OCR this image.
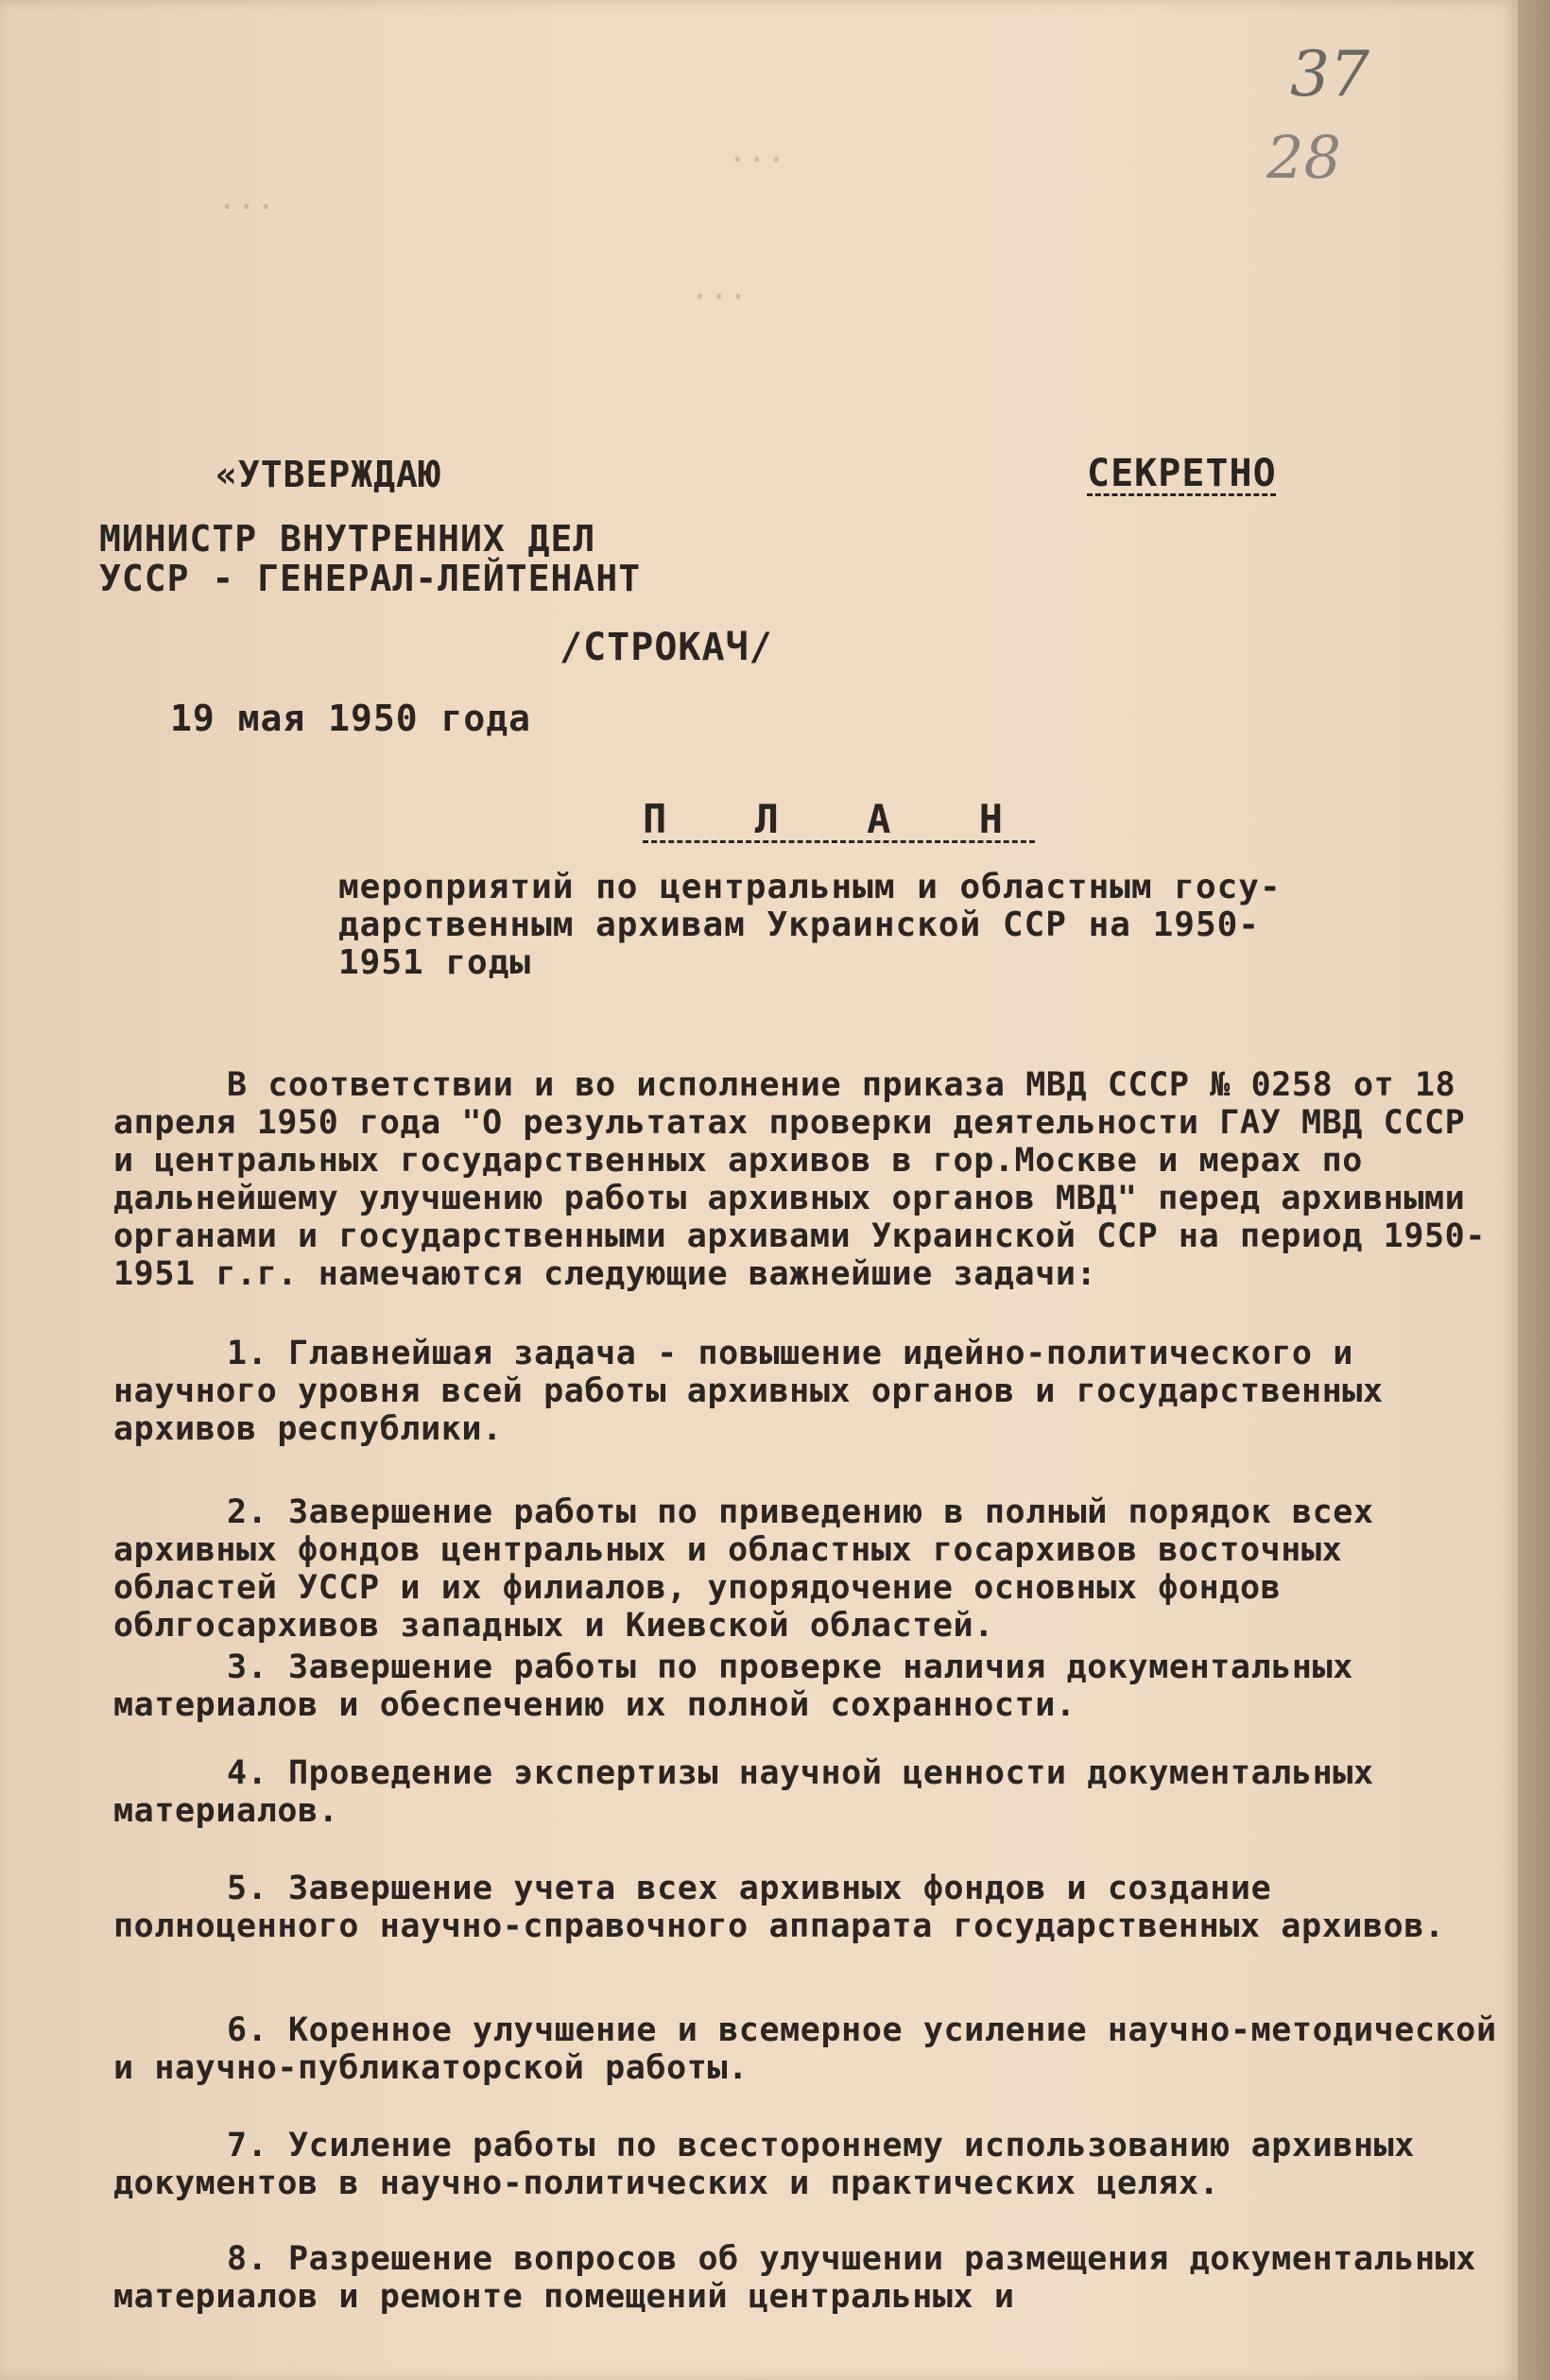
37
28
...
...
...
«УТВЕРЖДАЮ	СЕКРЕТНО
МИНИСТР ВНУТРЕННИХ ДЕЛ
УССР - ГЕНЕРАЛ-ЛЕЙТЕНАНТ
/СТРОКАЧ/
19 мая 1950 года
П Л А Н
мероприятий по центральным и областным госу-
дарственным архивам Украинской ССР на 1950-
1951 годы
В соответствии и во исполнение приказа МВД СССР № 0258 от 18 апреля 1950 года "О результатах проверки деятельности ГАУ МВД СССР и центральных государственных архивов в гор.Москве и мерах по дальнейшему улучшению работы архивных органов МВД" перед архивными органами и государственными архивами Украинской ССР на период 1950-1951 г.г. намечаются следующие важнейшие задачи:
1. Главнейшая задача - повышение идейно-политического и научного уровня всей работы архивных органов и государственных архивов республики.
2. Завершение работы по приведению в полный порядок всех архивных фондов центральных и областных госархивов восточных областей УССР и их филиалов, упорядочение основных фондов облгосархивов западных и Киевской областей.
3. Завершение работы по проверке наличия документальных материалов и обеспечению их полной сохранности.
4. Проведение экспертизы научной ценности документальных материалов.
5. Завершение учета всех архивных фондов и создание полноценного научно-справочного аппарата государственных архивов.
6. Коренное улучшение и всемерное усиление научно-методической и научно-публикаторской работы.
7. Усиление работы по всестороннему использованию архивных документов в научно-политических и практических целях.
8. Разрешение вопросов об улучшении размещения документальных материалов и ремонте помещений центральных и
